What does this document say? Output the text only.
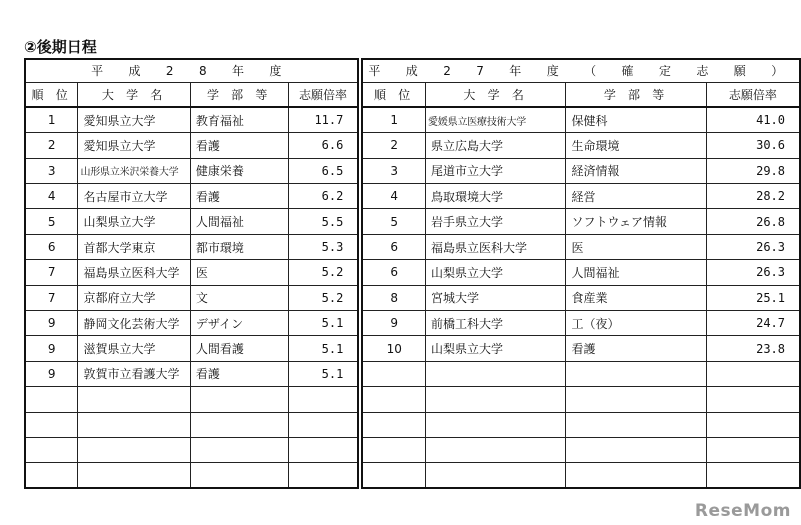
②後期日程
平 成 2 8 年 度			
順 位	大 学 名	学 部 等	志願倍率
1	愛知県立大学	教育福祉	11.7
2	愛知県立大学	看護	6.6
3	山形県立米沢栄養大学	健康栄養	6.5
4	名古屋市立大学	看護	6.2
5	山梨県立大学	人間福祉	5.5
6	首都大学東京	都市環境	5.3
7	福島県立医科大学	医	5.2
7	京都府立大学	文	5.2
9	静岡文化芸術大学	デザイン	5.1
9	滋賀県立大学	人間看護	5.1
9	敦賀市立看護大学	看護	5.1

平 成 2 7 年 度 （ 確 定 志 願 ）			
順 位	大 学 名	学 部 等	志願倍率
1	愛媛県立医療技術大学	保健科	41.0
2	県立広島大学	生命環境	30.6
3	尾道市立大学	経済情報	29.8
4	鳥取環境大学	経営	28.2
5	岩手県立大学	ソフトウェア情報	26.8
6	福島県立医科大学	医	26.3
6	山梨県立大学	人間福祉	26.3
8	宮城大学	食産業	25.1
9	前橋工科大学	工（夜）	24.7
10	山梨県立大学	看護	23.8

ReseMom
